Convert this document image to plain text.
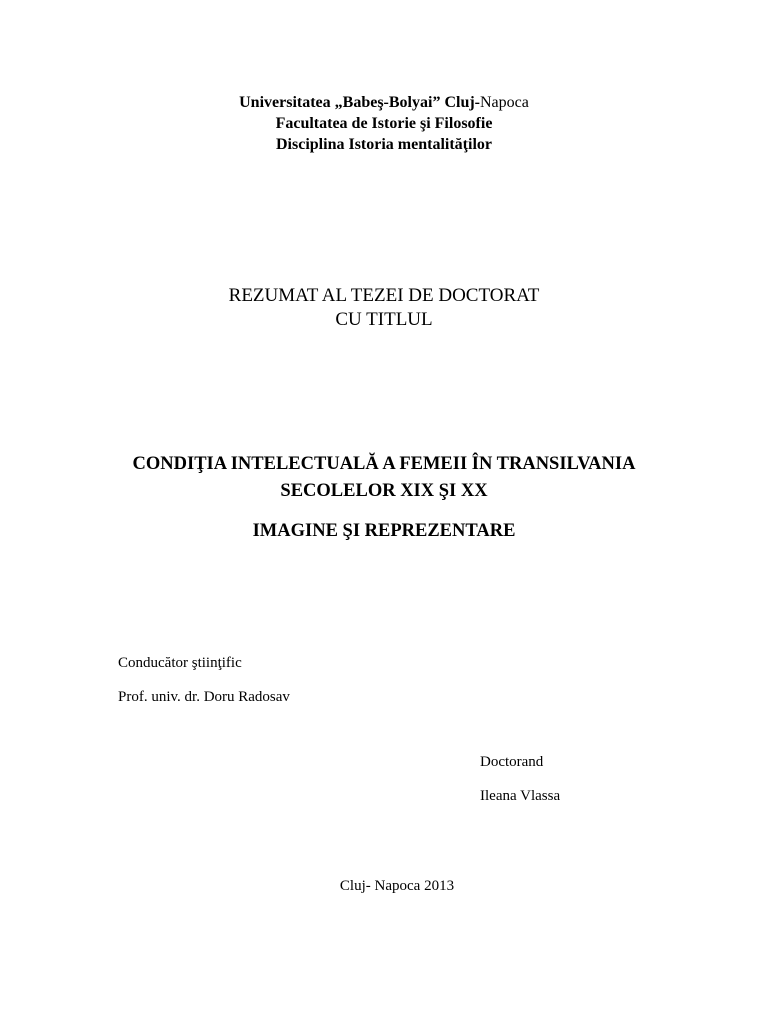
Universitatea „Babeş-Bolyai” Cluj-Napoca
Facultatea de Istorie şi Filosofie
Disciplina Istoria mentalităţilor
REZUMAT AL TEZEI DE DOCTORAT
CU TITLUL
CONDIŢIA INTELECTUALĂ A FEMEII ÎN TRANSILVANIA
SECOLELOR XIX ŞI XX
IMAGINE ŞI REPREZENTARE
Conducător ştiinţific
Prof. univ. dr. Doru Radosav
Doctorand
Ileana Vlassa
Cluj- Napoca 2013
